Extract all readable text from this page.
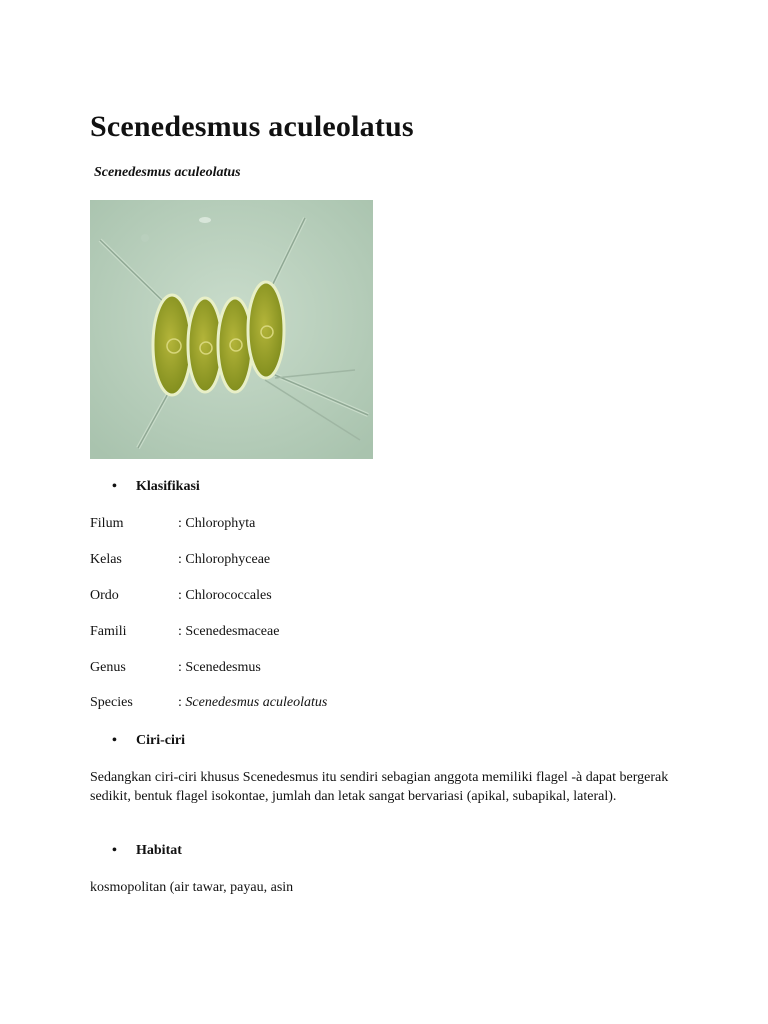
Scenedesmus aculeolatus

Scenedesmus aculeolatus

• Klasifikasi
Filum	: Chlorophyta
Kelas	: Chlorophyceae
Ordo	: Chlorococcales
Famili	: Scenedesmaceae
Genus	: Scenedesmus
Species	: Scenedesmus aculeolatus
• Ciri-ciri

Sedangkan ciri-ciri khusus Scenedesmus itu sendiri sebagian anggota memiliki flagel -à dapat bergerak sedikit, bentuk flagel isokontae, jumlah dan letak sangat bervariasi (apikal, subapikal, lateral).

• Habitat

kosmopolitan (air tawar, payau, asin
